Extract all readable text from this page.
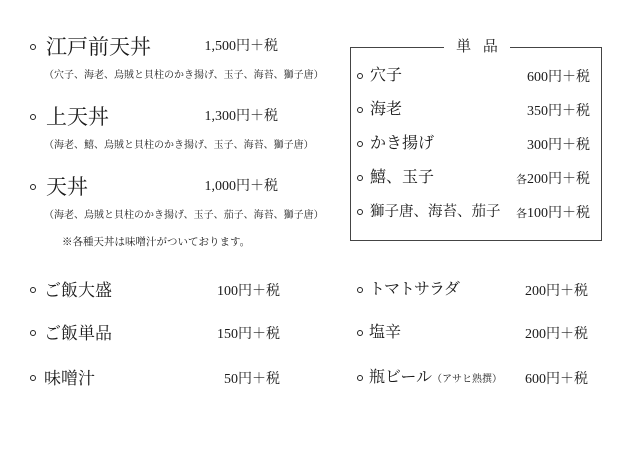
江戸前天丼	1,500円＋税
（穴子、海老、烏賊と貝柱のかき揚げ、玉子、海苔、獅子唐）
上天丼	1,300円＋税
（海老、鱚、烏賊と貝柱のかき揚げ、玉子、海苔、獅子唐）
天丼	1,000円＋税
（海老、烏賊と貝柱のかき揚げ、玉子、茄子、海苔、獅子唐）
※各種天丼は味噌汁がついております。
単 品
穴子	600円＋税
海老	350円＋税
かき揚げ	300円＋税
鱚、玉子	各200円＋税
獅子唐、海苔、茄子 各100円＋税
ご飯大盛	100円＋税
ご飯単品	150円＋税
味噌汁	50円＋税
トマトサラダ	200円＋税
塩辛	200円＋税
瓶ビール（アサヒ熟撰） 600円＋税
